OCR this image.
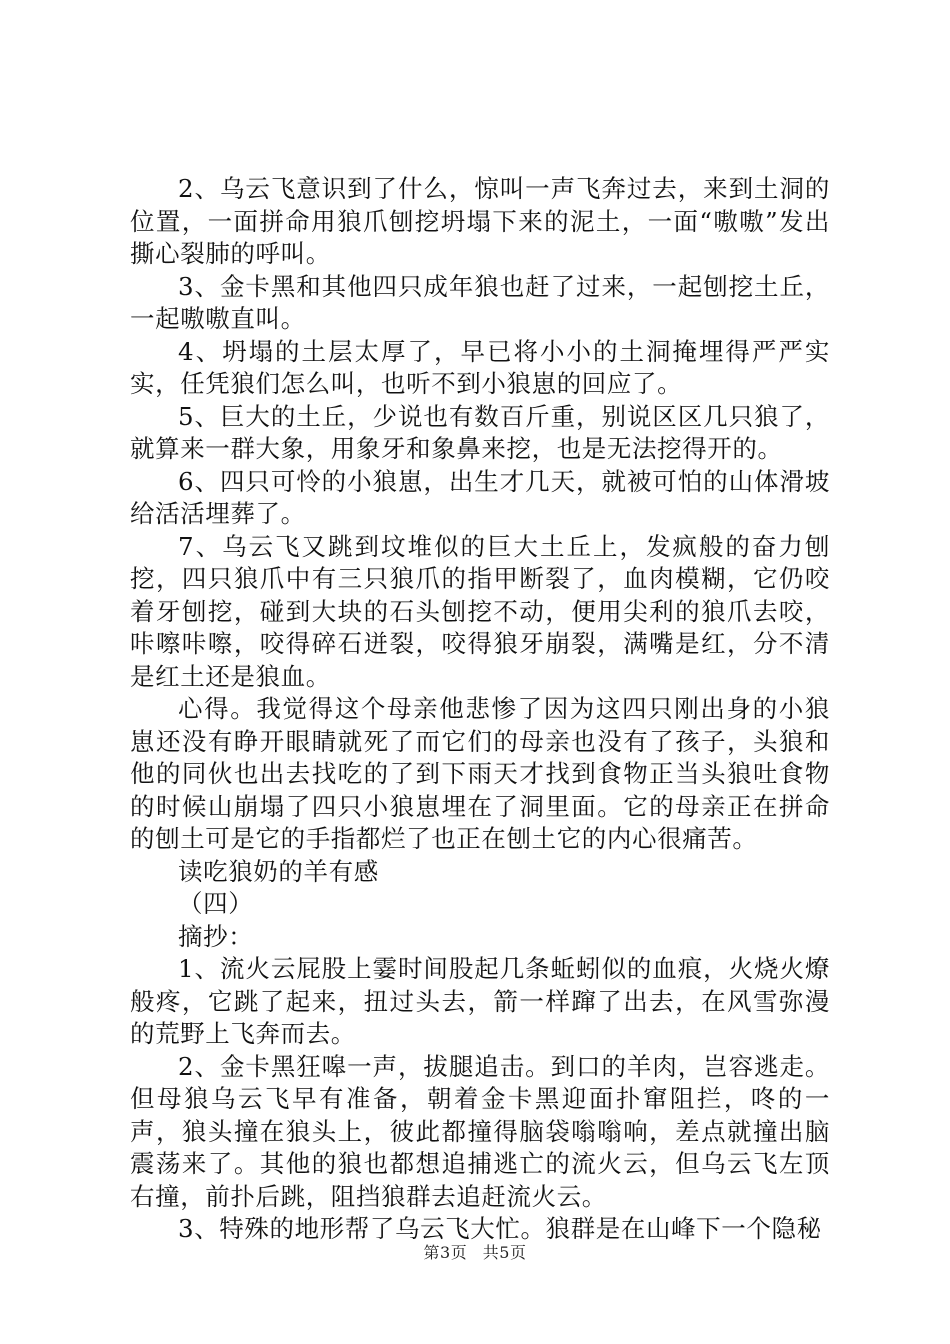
2、乌云飞意识到了什么，惊叫一声飞奔过去，来到土洞的位置，一面拼命用狼爪刨挖坍塌下来的泥土，一面“嗷嗷”发出撕心裂肺的呼叫。

3、金卡黑和其他四只成年狼也赶了过来，一起刨挖土丘，一起嗷嗷直叫。

4、坍塌的土层太厚了，早已将小小的土洞掩埋得严严实实，任凭狼们怎么叫，也听不到小狼崽的回应了。

5、巨大的土丘，少说也有数百斤重，别说区区几只狼了，就算来一群大象，用象牙和象鼻来挖，也是无法挖得开的。

6、四只可怜的小狼崽，出生才几天，就被可怕的山体滑坡给活活埋葬了。

7、乌云飞又跳到坟堆似的巨大土丘上，发疯般的奋力刨挖，四只狼爪中有三只狼爪的指甲断裂了，血肉模糊，它仍咬着牙刨挖，碰到大块的石头刨挖不动，便用尖利的狼爪去咬，咔嚓咔嚓，咬得碎石迸裂，咬得狼牙崩裂，满嘴是红，分不清是红土还是狼血。

心得。我觉得这个母亲他悲惨了因为这四只刚出身的小狼崽还没有睁开眼睛就死了而它们的母亲也没有了孩子，头狼和他的同伙也出去找吃的了到下雨天才找到食物正当头狼吐食物的时候山崩塌了四只小狼崽埋在了洞里面。它的母亲正在拼命的刨土可是它的手指都烂了也正在刨土它的内心很痛苦。

读吃狼奶的羊有感

（四）

摘抄：

1、流火云屁股上霎时间股起几条蚯蚓似的血痕，火烧火燎般疼，它跳了起来，扭过头去，箭一样蹿了出去，在风雪弥漫的荒野上飞奔而去。

2、金卡黑狂嗥一声，拔腿追击。到口的羊肉，岂容逃走。但母狼乌云飞早有准备，朝着金卡黑迎面扑窜阻拦，咚的一声，狼头撞在狼头上，彼此都撞得脑袋嗡嗡响，差点就撞出脑震荡来了。其他的狼也都想追捕逃亡的流火云，但乌云飞左顶右撞，前扑后跳，阻挡狼群去追赶流火云。

3、特殊的地形帮了乌云飞大忙。狼群是在山峰下一个隐秘

第3页 共5页
